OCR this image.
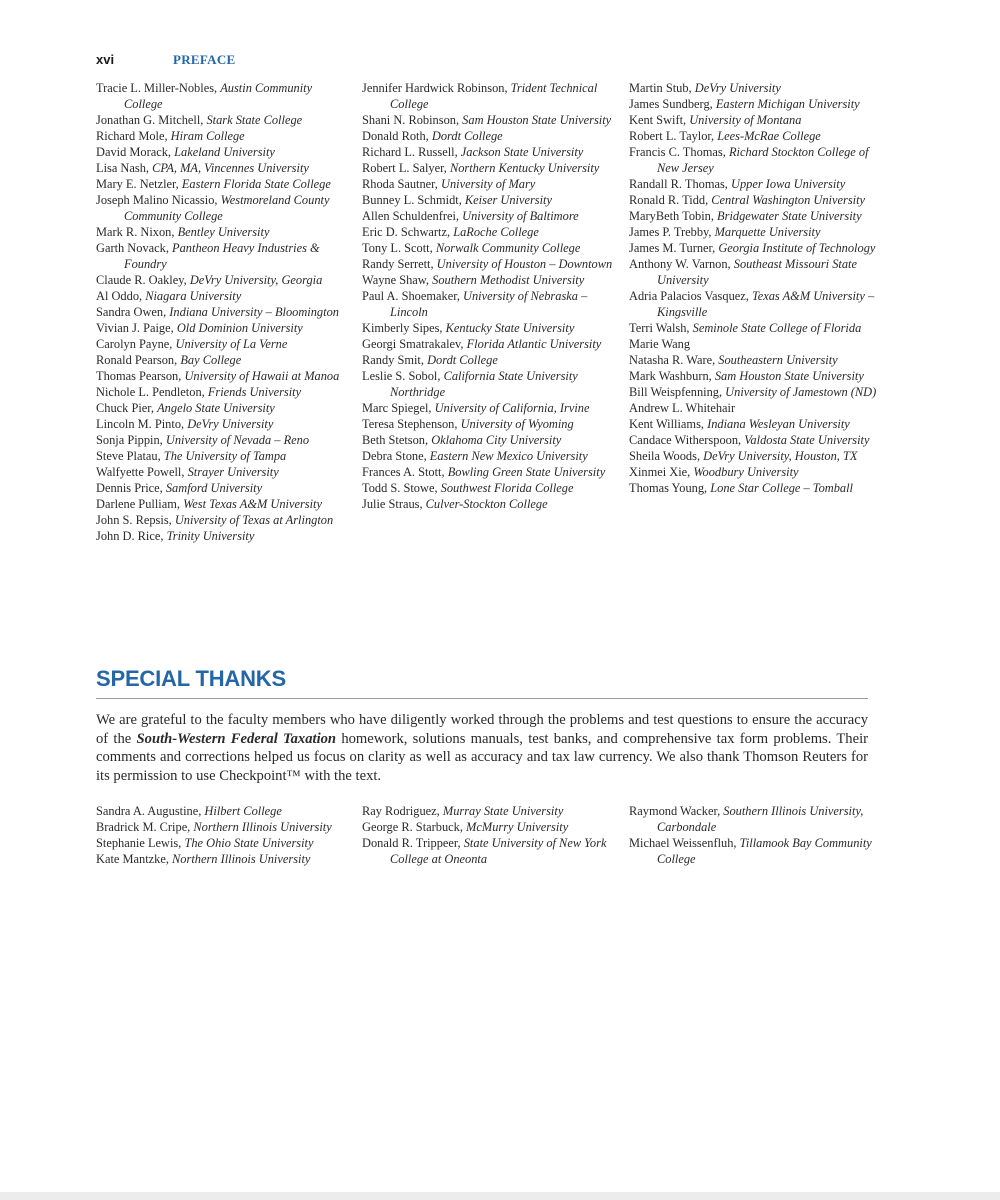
xvi	PREFACE

Tracie L. Miller-Nobles, Austin Community College

Jonathan G. Mitchell, Stark State College

Richard Mole, Hiram College

David Morack, Lakeland University

Lisa Nash, CPA, MA, Vincennes University

Mary E. Netzler, Eastern Florida State College

Joseph Malino Nicassio, Westmoreland County Community College

Mark R. Nixon, Bentley University

Garth Novack, Pantheon Heavy Industries & Foundry

Claude R. Oakley, DeVry University, Georgia

Al Oddo, Niagara University

Sandra Owen, Indiana University – Bloomington

Vivian J. Paige, Old Dominion University

Carolyn Payne, University of La Verne

Ronald Pearson, Bay College

Thomas Pearson, University of Hawaii at Manoa

Nichole L. Pendleton, Friends University

Chuck Pier, Angelo State University

Lincoln M. Pinto, DeVry University

Sonja Pippin, University of Nevada – Reno

Steve Platau, The University of Tampa

Walfyette Powell, Strayer University

Dennis Price, Samford University

Darlene Pulliam, West Texas A&M University

John S. Repsis, University of Texas at Arlington

John D. Rice, Trinity University

Jennifer Hardwick Robinson, Trident Technical College

Shani N. Robinson, Sam Houston State University

Donald Roth, Dordt College

Richard L. Russell, Jackson State University

Robert L. Salyer, Northern Kentucky University

Rhoda Sautner, University of Mary

Bunney L. Schmidt, Keiser University

Allen Schuldenfrei, University of Baltimore

Eric D. Schwartz, LaRoche College

Tony L. Scott, Norwalk Community College

Randy Serrett, University of Houston – Downtown

Wayne Shaw, Southern Methodist University

Paul A. Shoemaker, University of Nebraska – Lincoln

Kimberly Sipes, Kentucky State University

Georgi Smatrakalev, Florida Atlantic University

Randy Smit, Dordt College

Leslie S. Sobol, California State University Northridge

Marc Spiegel, University of California, Irvine

Teresa Stephenson, University of Wyoming

Beth Stetson, Oklahoma City University

Debra Stone, Eastern New Mexico University

Frances A. Stott, Bowling Green State University

Todd S. Stowe, Southwest Florida College

Julie Straus, Culver-Stockton College

Martin Stub, DeVry University

James Sundberg, Eastern Michigan University

Kent Swift, University of Montana

Robert L. Taylor, Lees-McRae College

Francis C. Thomas, Richard Stockton College of New Jersey

Randall R. Thomas, Upper Iowa University

Ronald R. Tidd, Central Washington University

MaryBeth Tobin, Bridgewater State University

James P. Trebby, Marquette University

James M. Turner, Georgia Institute of Technology

Anthony W. Varnon, Southeast Missouri State University

Adria Palacios Vasquez, Texas A&M University – Kingsville

Terri Walsh, Seminole State College of Florida

Marie Wang

Natasha R. Ware, Southeastern University

Mark Washburn, Sam Houston State University

Bill Weispfenning, University of Jamestown (ND)

Andrew L. Whitehair

Kent Williams, Indiana Wesleyan University

Candace Witherspoon, Valdosta State University

Sheila Woods, DeVry University, Houston, TX

Xinmei Xie, Woodbury University

Thomas Young, Lone Star College – Tomball

SPECIAL THANKS

We are grateful to the faculty members who have diligently worked through the problems and test questions to ensure the accuracy of the South-Western Federal Taxation homework, solutions manuals, test banks, and comprehensive tax form problems. Their comments and corrections helped us focus on clarity as well as accuracy and tax law currency. We also thank Thomson Reuters for its permission to use Checkpoint™ with the text.

Sandra A. Augustine, Hilbert College

Bradrick M. Cripe, Northern Illinois University

Stephanie Lewis, The Ohio State University

Kate Mantzke, Northern Illinois University

Ray Rodriguez, Murray State University

George R. Starbuck, McMurry University

Donald R. Trippeer, State University of New York College at Oneonta

Raymond Wacker, Southern Illinois University, Carbondale

Michael Weissenfluh, Tillamook Bay Community College
